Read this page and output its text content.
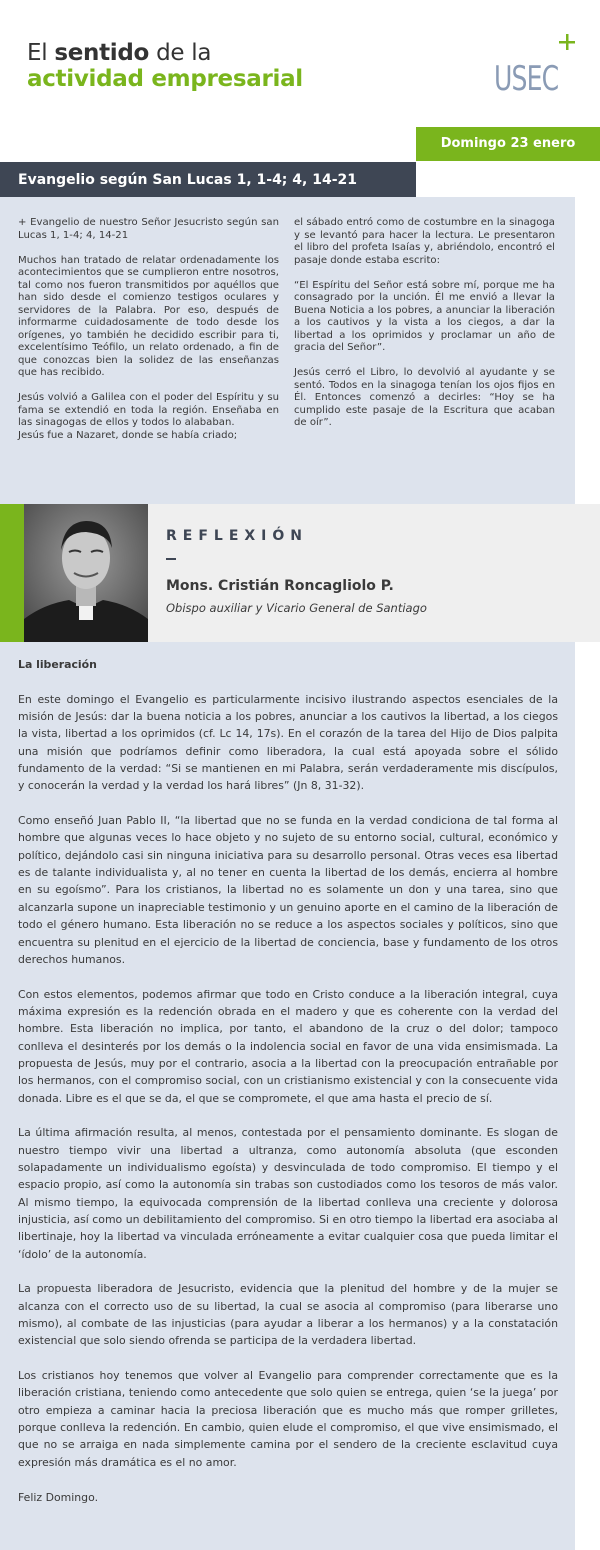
El sentido de la
actividad empresarial	USEC
Domingo 23 enero
Evangelio según San Lucas 1, 1-4; 4, 14-21

+ Evangelio de nuestro Señor Jesucristo según san Lucas 1, 1-4; 4, 14-21

Muchos han tratado de relatar ordenadamente los acontecimientos que se cumplieron entre nosotros, tal como nos fueron transmitidos por aquéllos que han sido desde el comienzo testigos oculares y servidores de la Palabra. Por eso, después de informarme cuidadosamente de todo desde los orígenes, yo también he decidido escribir para ti, excelentísimo Teófilo, un relato ordenado, a fin de que conozcas bien la solidez de las enseñanzas que has recibido.

Jesús volvió a Galilea con el poder del Espíritu y su fama se extendió en toda la región. Enseñaba en las sinagogas de ellos y todos lo alababan.

Jesús fue a Nazaret, donde se había criado;

el sábado entró como de costumbre en la sinagoga y se levantó para hacer la lectura. Le presentaron el libro del profeta Isaías y, abriéndolo, encontró el pasaje donde estaba escrito:

“El Espíritu del Señor está sobre mí, porque me ha consagrado por la unción. Él me envió a llevar la Buena Noticia a los pobres, a anunciar la liberación a los cautivos y la vista a los ciegos, a dar la libertad a los oprimidos y proclamar un año de gracia del Señor”.

Jesús cerró el Libro, lo devolvió al ayudante y se sentó. Todos en la sinagoga tenían los ojos fijos en Él. Entonces comenzó a decirles: “Hoy se ha cumplido este pasaje de la Escritura que acaban de oír”.

REFLEXIÓN
Mons. Cristián Roncagliolo P.
Obispo auxiliar y Vicario General de Santiago

La liberación

En este domingo el Evangelio es particularmente incisivo ilustrando aspectos esenciales de la misión de Jesús: dar la buena noticia a los pobres, anunciar a los cautivos la libertad, a los ciegos la vista, libertad a los oprimidos (cf. Lc 14, 17s). En el corazón de la tarea del Hijo de Dios palpita una misión que podríamos definir como liberadora, la cual está apoyada sobre el sólido fundamento de la verdad: “Si se mantienen en mi Palabra, serán verdaderamente mis discípulos, y conocerán la verdad y la verdad los hará libres” (Jn 8, 31-32).

Como enseñó Juan Pablo II, “la libertad que no se funda en la verdad condiciona de tal forma al hombre que algunas veces lo hace objeto y no sujeto de su entorno social, cultural, económico y político, dejándolo casi sin ninguna iniciativa para su desarrollo personal. Otras veces esa libertad es de talante individualista y, al no tener en cuenta la libertad de los demás, encierra al hombre en su egoísmo”. Para los cristianos, la libertad no es solamente un don y una tarea, sino que alcanzarla supone un inapreciable testimonio y un genuino aporte en el camino de la liberación de todo el género humano. Esta liberación no se reduce a los aspectos sociales y políticos, sino que encuentra su plenitud en el ejercicio de la libertad de conciencia, base y fundamento de los otros derechos humanos.

Con estos elementos, podemos afirmar que todo en Cristo conduce a la liberación integral, cuya máxima expresión es la redención obrada en el madero y que es coherente con la verdad del hombre. Esta liberación no implica, por tanto, el abandono de la cruz o del dolor; tampoco conlleva el desinterés por los demás o la indolencia social en favor de una vida ensimismada. La propuesta de Jesús, muy por el contrario, asocia a la libertad con la preocupación entrañable por los hermanos, con el compromiso social, con un cristianismo existencial y con la consecuente vida donada. Libre es el que se da, el que se compromete, el que ama hasta el precio de sí.

La última afirmación resulta, al menos, contestada por el pensamiento dominante. Es slogan de nuestro tiempo vivir una libertad a ultranza, como autonomía absoluta (que esconden solapadamente un individualismo egoísta) y desvinculada de todo compromiso. El tiempo y el espacio propio, así como la autonomía sin trabas son custodiados como los tesoros de más valor. Al mismo tiempo, la equivocada comprensión de la libertad conlleva una creciente y dolorosa injusticia, así como un debilitamiento del compromiso. Si en otro tiempo la libertad era asociaba al libertinaje, hoy la libertad va vinculada erróneamente a evitar cualquier cosa que pueda limitar el ‘ídolo’ de la autonomía.

La propuesta liberadora de Jesucristo, evidencia que la plenitud del hombre y de la mujer se alcanza con el correcto uso de su libertad, la cual se asocia al compromiso (para liberarse uno mismo), al combate de las injusticias (para ayudar a liberar a los hermanos) y a la constatación existencial que solo siendo ofrenda se participa de la verdadera libertad.

Los cristianos hoy tenemos que volver al Evangelio para comprender correctamente que es la liberación cristiana, teniendo como antecedente que solo quien se entrega, quien ‘se la juega’ por otro empieza a caminar hacia la preciosa liberación que es mucho más que romper grilletes, porque conlleva la redención. En cambio, quien elude el compromiso, el que vive ensimismado, el que no se arraiga en nada simplemente camina por el sendero de la creciente esclavitud cuya expresión más dramática es el no amor.

Feliz Domingo.
